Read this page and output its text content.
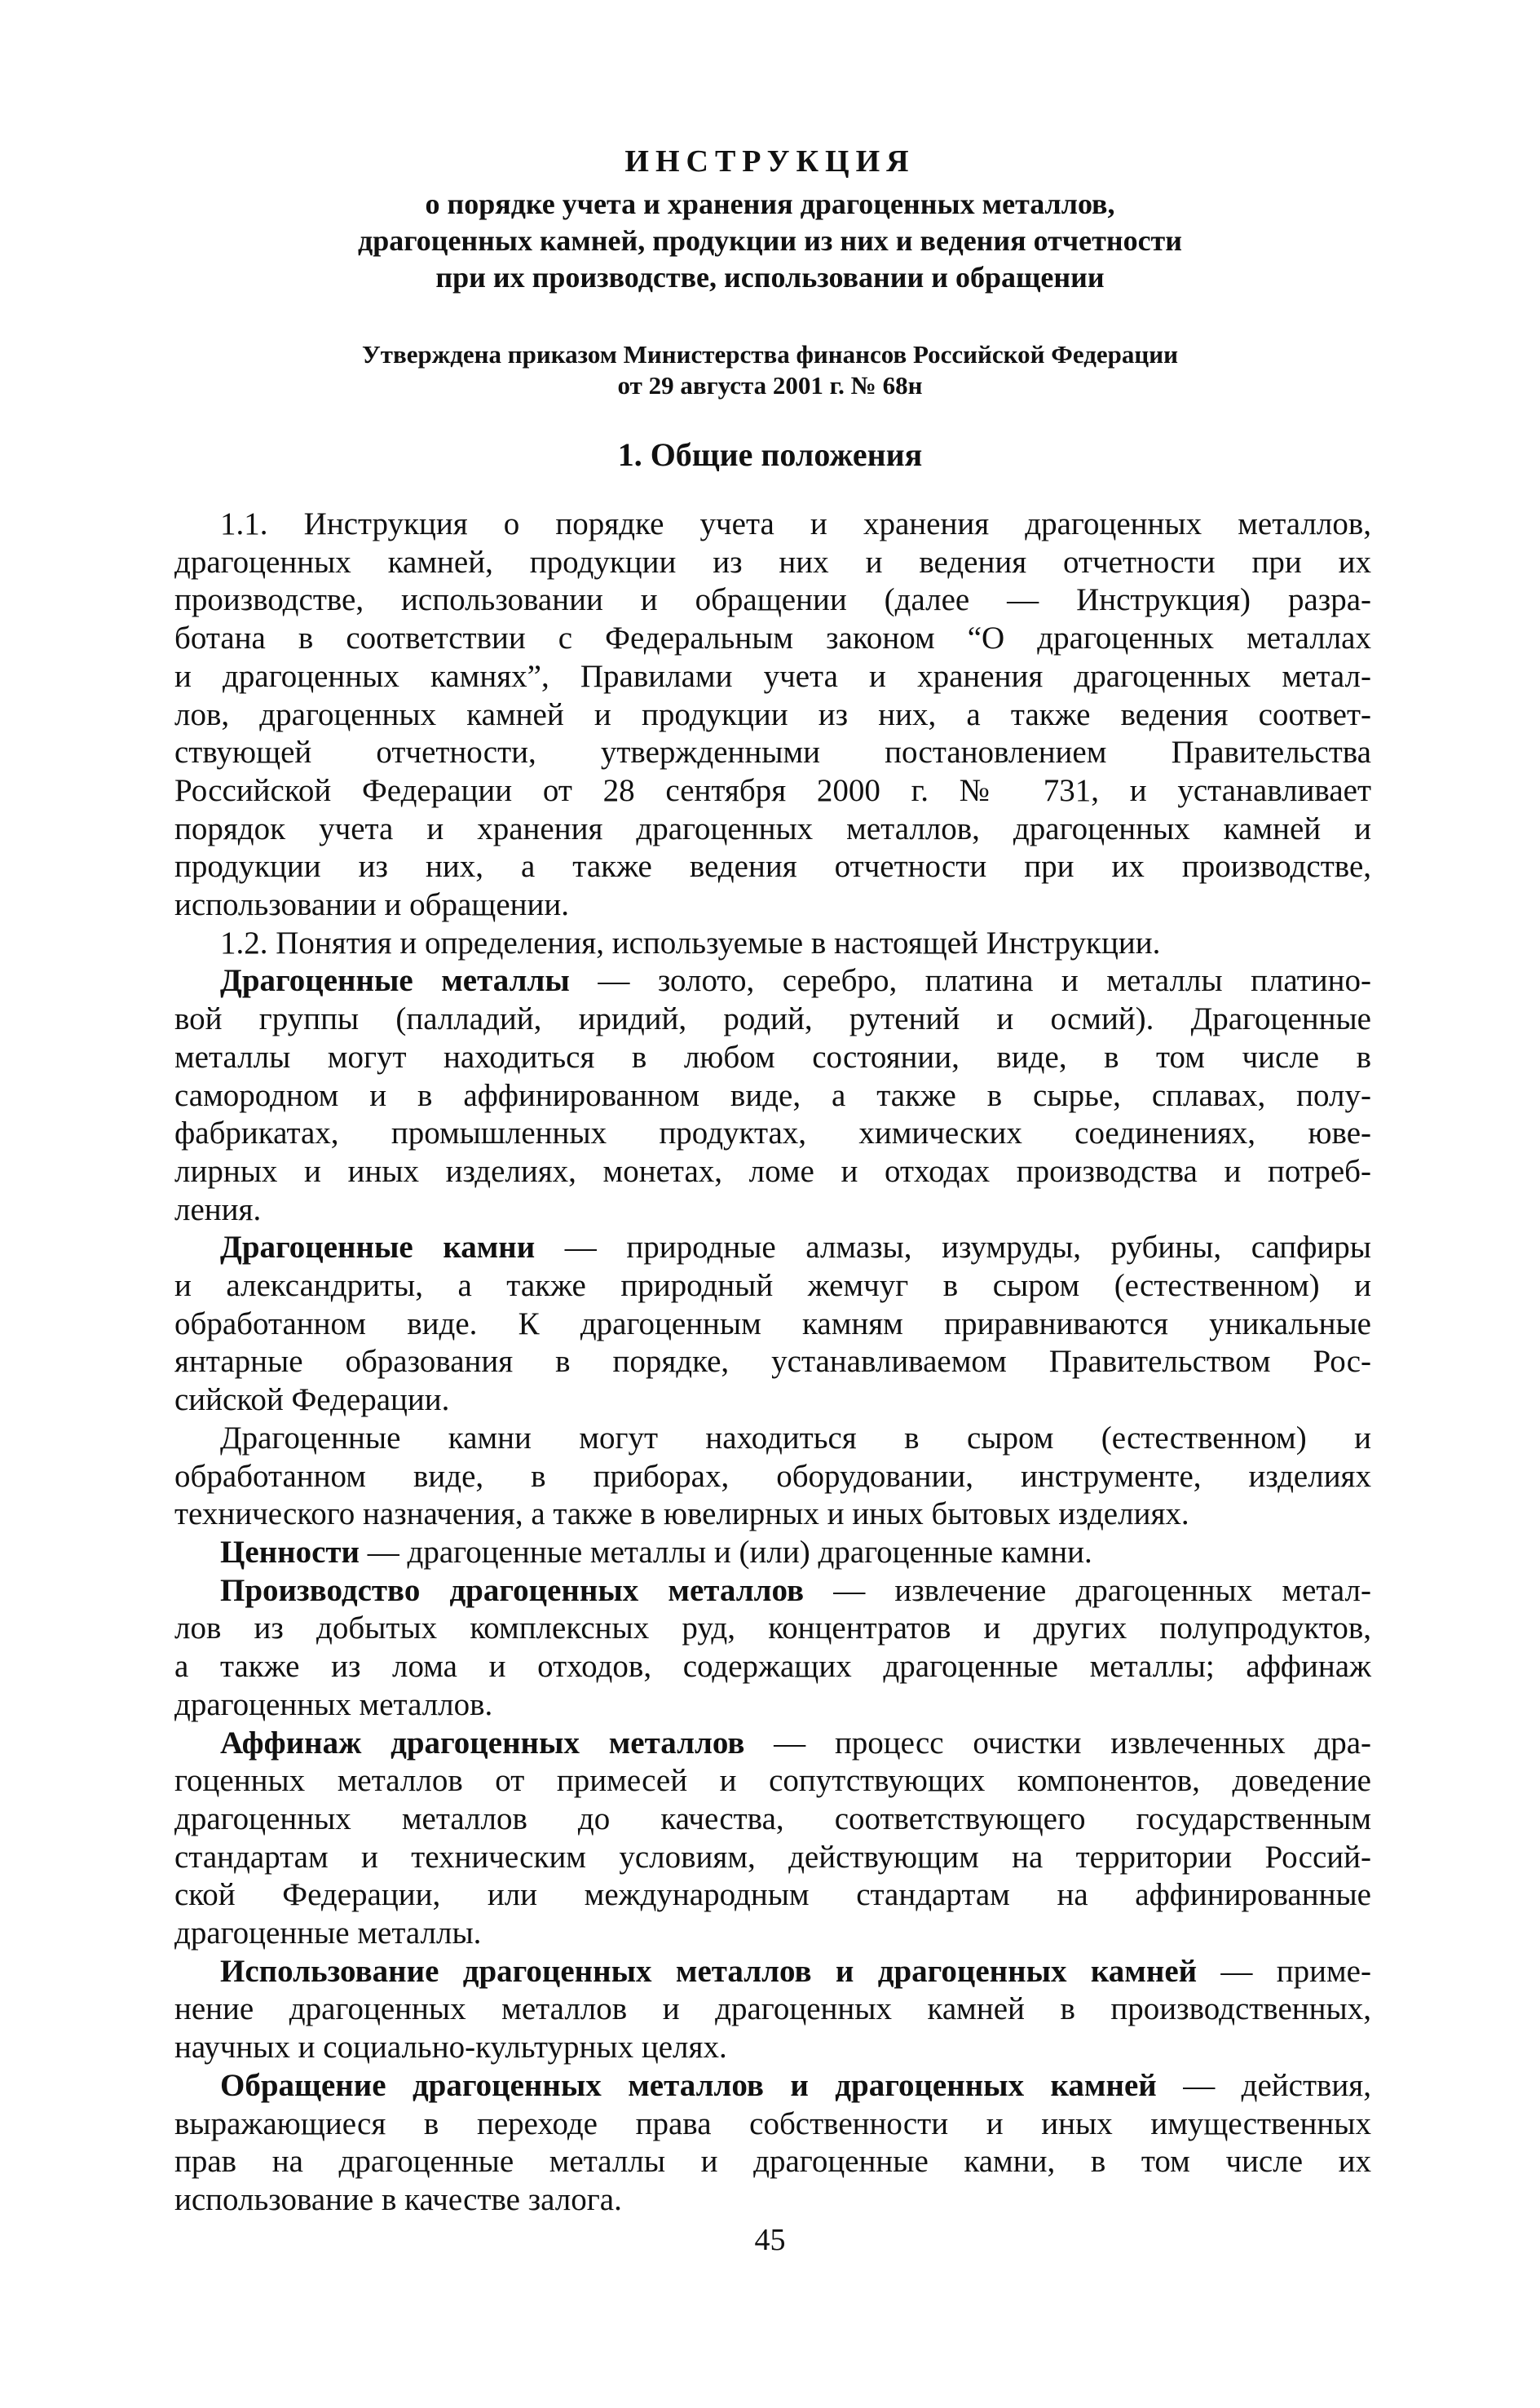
ИНСТРУКЦИЯ
о порядке учета и хранения драгоценных металлов,
драгоценных камней, продукции из них и ведения отчетности
при их производстве, использовании и обращении
Утверждена приказом Министерства финансов Российской Федерации
от 29 августа 2001 г. № 68н
1. Общие положения
1.1. Инструкция о порядке учета и хранения драгоценных металлов,
драгоценных камней, продукции из них и ведения отчетности при их
производстве, использовании и обращении (далее — Инструкция) разра-
ботана в соответствии с Федеральным законом “О драгоценных металлах
и драгоценных камнях”, Правилами учета и хранения драгоценных метал-
лов, драгоценных камней и продукции из них, а также ведения соответ-
ствующей отчетности, утвержденными постановлением Правительства
Российской Федерации от 28 сентября 2000 г. № 731, и устанавливает
порядок учета и хранения драгоценных металлов, драгоценных камней и
продукции из них, а также ведения отчетности при их производстве,
использовании и обращении.
1.2. Понятия и определения, используемые в настоящей Инструкции.
Драгоценные металлы — золото, серебро, платина и металлы платино-
вой группы (палладий, иридий, родий, рутений и осмий). Драгоценные
металлы могут находиться в любом состоянии, виде, в том числе в
самородном и в аффинированном виде, а также в сырье, сплавах, полу-
фабрикатах, промышленных продуктах, химических соединениях, юве-
лирных и иных изделиях, монетах, ломе и отходах производства и потреб-
ления.
Драгоценные камни — природные алмазы, изумруды, рубины, сапфиры
и александриты, а также природный жемчуг в сыром (естественном) и
обработанном виде. К драгоценным камням приравниваются уникальные
янтарные образования в порядке, устанавливаемом Правительством Рос-
сийской Федерации.
Драгоценные камни могут находиться в сыром (естественном) и
обработанном виде, в приборах, оборудовании, инструменте, изделиях
технического назначения, а также в ювелирных и иных бытовых изделиях.
Ценности — драгоценные металлы и (или) драгоценные камни.
Производство драгоценных металлов — извлечение драгоценных метал-
лов из добытых комплексных руд, концентратов и других полупродуктов,
а также из лома и отходов, содержащих драгоценные металлы; аффинаж
драгоценных металлов.
Аффинаж драгоценных металлов — процесс очистки извлеченных дра-
гоценных металлов от примесей и сопутствующих компонентов, доведение
драгоценных металлов до качества, соответствующего государственным
стандартам и техническим условиям, действующим на территории Россий-
ской Федерации, или международным стандартам на аффинированные
драгоценные металлы.
Использование драгоценных металлов и драгоценных камней — приме-
нение драгоценных металлов и драгоценных камней в производственных,
научных и социально-культурных целях.
Обращение драгоценных металлов и драгоценных камней — действия,
выражающиеся в переходе права собственности и иных имущественных
прав на драгоценные металлы и драгоценные камни, в том числе их
использование в качестве залога.
45
